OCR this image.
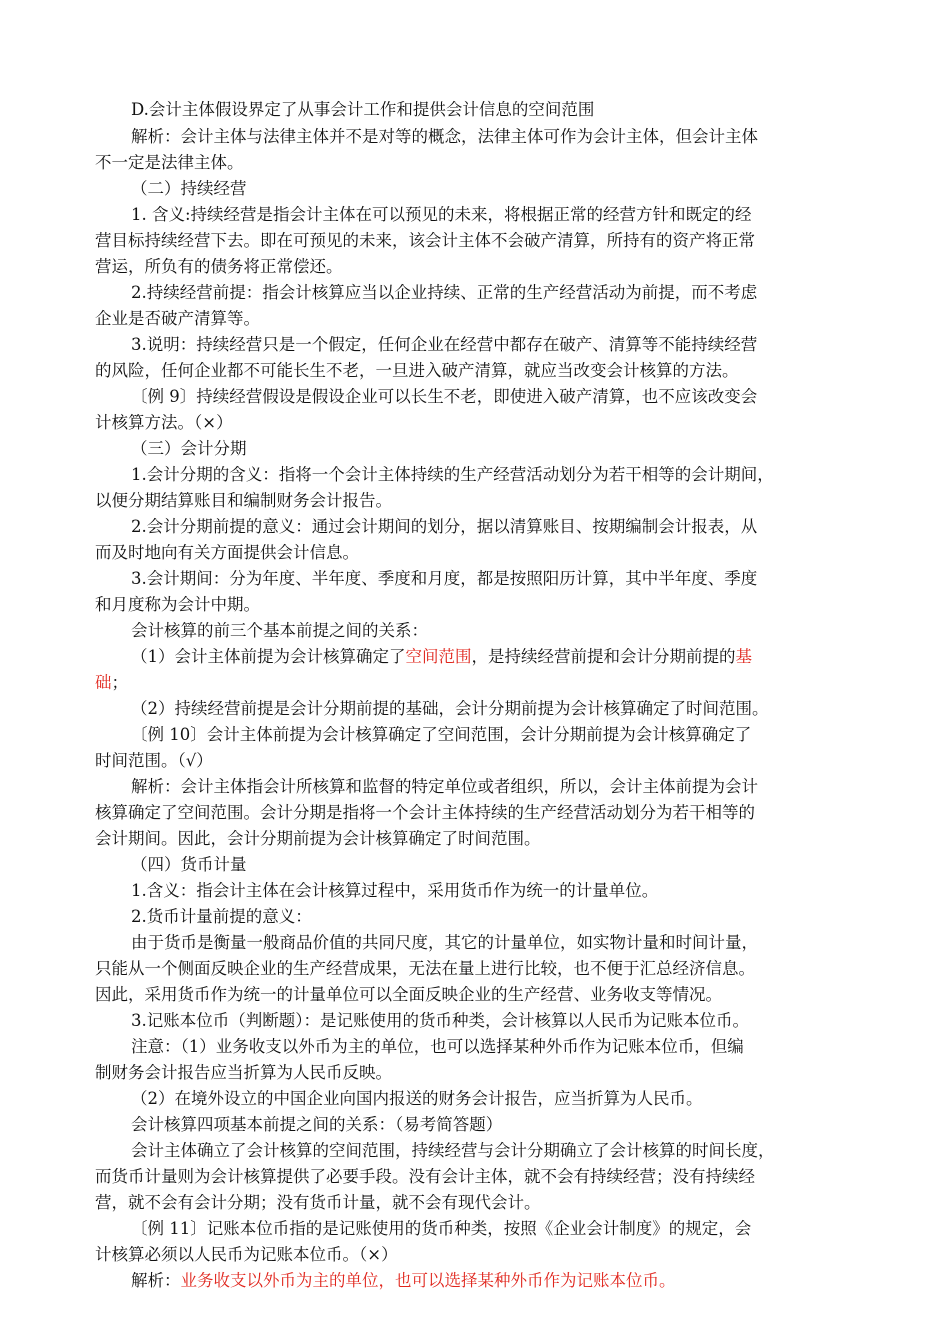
D.会计主体假设界定了从事会计工作和提供会计信息的空间范围
解析：会计主体与法律主体并不是对等的概念，法律主体可作为会计主体，但会计主体
不一定是法律主体。
（二）持续经营
1. 含义:持续经营是指会计主体在可以预见的未来，将根据正常的经营方针和既定的经
营目标持续经营下去。即在可预见的未来，该会计主体不会破产清算，所持有的资产将正常
营运，所负有的债务将正常偿还。
2.持续经营前提：指会计核算应当以企业持续、正常的生产经营活动为前提，而不考虑
企业是否破产清算等。
3.说明：持续经营只是一个假定，任何企业在经营中都存在破产、清算等不能持续经营
的风险，任何企业都不可能长生不老，一旦进入破产清算，就应当改变会计核算的方法。
〔例 9〕持续经营假设是假设企业可以长生不老，即使进入破产清算，也不应该改变会
计核算方法。（×）
（三）会计分期
1.会计分期的含义：指将一个会计主体持续的生产经营活动划分为若干相等的会计期间，
以便分期结算账目和编制财务会计报告。
2.会计分期前提的意义：通过会计期间的划分，据以清算账目、按期编制会计报表，从
而及时地向有关方面提供会计信息。
3.会计期间：分为年度、半年度、季度和月度，都是按照阳历计算，其中半年度、季度
和月度称为会计中期。
会计核算的前三个基本前提之间的关系：
（1）会计主体前提为会计核算确定了空间范围，是持续经营前提和会计分期前提的基
础；
（2）持续经营前提是会计分期前提的基础，会计分期前提为会计核算确定了时间范围。
〔例 10〕会计主体前提为会计核算确定了空间范围，会计分期前提为会计核算确定了
时间范围。（√）
解析：会计主体指会计所核算和监督的特定单位或者组织，所以，会计主体前提为会计
核算确定了空间范围。会计分期是指将一个会计主体持续的生产经营活动划分为若干相等的
会计期间。因此，会计分期前提为会计核算确定了时间范围。
（四）货币计量
1.含义：指会计主体在会计核算过程中，采用货币作为统一的计量单位。
2.货币计量前提的意义：
由于货币是衡量一般商品价值的共同尺度，其它的计量单位，如实物计量和时间计量，
只能从一个侧面反映企业的生产经营成果，无法在量上进行比较，也不便于汇总经济信息。
因此，采用货币作为统一的计量单位可以全面反映企业的生产经营、业务收支等情况。
3.记账本位币（判断题）：是记账使用的货币种类，会计核算以人民币为记账本位币。
注意：（1）业务收支以外币为主的单位，也可以选择某种外币作为记账本位币，但编
制财务会计报告应当折算为人民币反映。
（2）在境外设立的中国企业向国内报送的财务会计报告，应当折算为人民币。
会计核算四项基本前提之间的关系：（易考简答题）
会计主体确立了会计核算的空间范围，持续经营与会计分期确立了会计核算的时间长度，
而货币计量则为会计核算提供了必要手段。没有会计主体，就不会有持续经营；没有持续经
营，就不会有会计分期；没有货币计量，就不会有现代会计。
〔例 11〕记账本位币指的是记账使用的货币种类，按照《企业会计制度》的规定，会
计核算必须以人民币为记账本位币。（×）
解析：业务收支以外币为主的单位，也可以选择某种外币作为记账本位币。
